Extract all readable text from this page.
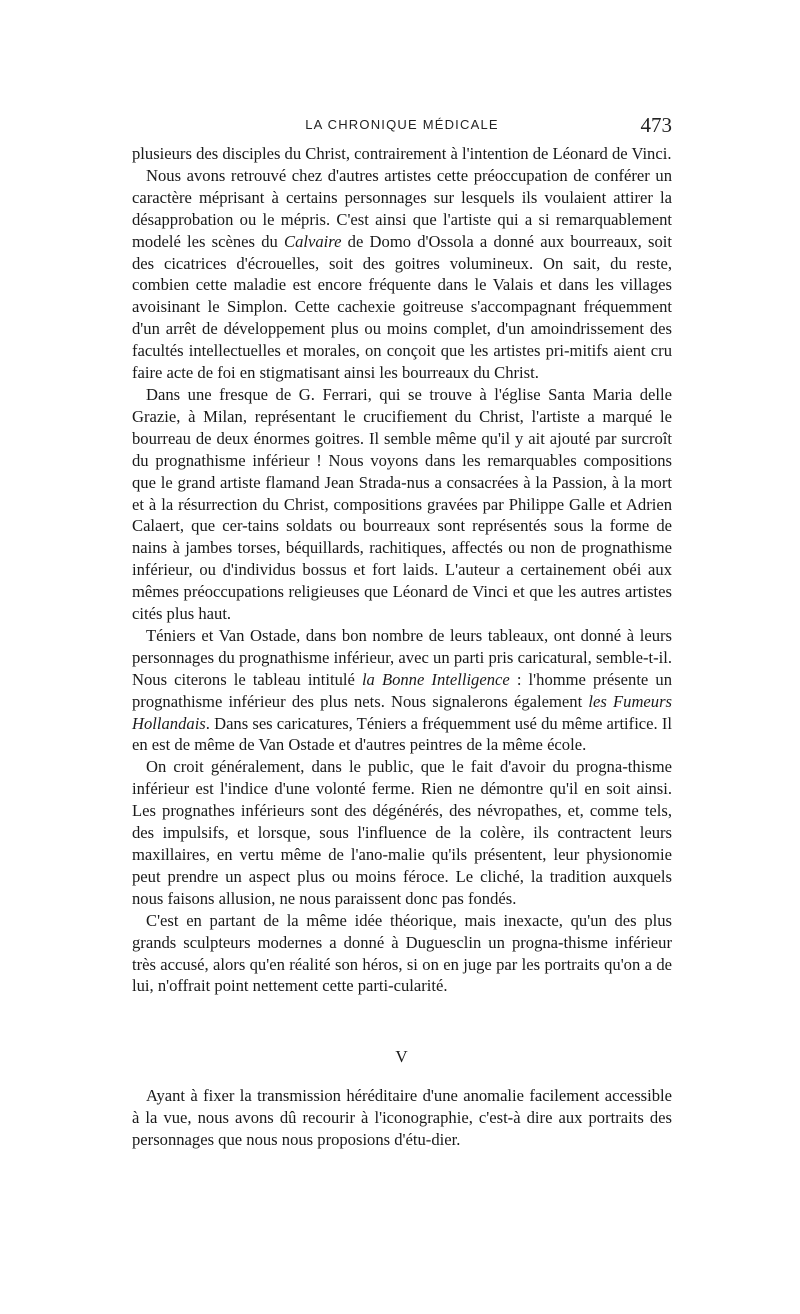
LA CHRONIQUE MÉDICALE	473

plusieurs des disciples du Christ, contrairement à l'intention de Léonard de Vinci.

Nous avons retrouvé chez d'autres artistes cette préoccupation de conférer un caractère méprisant à certains personnages sur lesquels ils voulaient attirer la désapprobation ou le mépris. C'est ainsi que l'artiste qui a si remarquablement modelé les scènes du Calvaire de Domo d'Ossola a donné aux bourreaux, soit des cicatrices d'écrouelles, soit des goitres volumineux. On sait, du reste, combien cette maladie est encore fréquente dans le Valais et dans les villages avoisinant le Simplon. Cette cachexie goitreuse s'accompagnant fréquemment d'un arrêt de développement plus ou moins complet, d'un amoindrissement des facultés intellectuelles et morales, on conçoit que les artistes pri-mitifs aient cru faire acte de foi en stigmatisant ainsi les bourreaux du Christ.

Dans une fresque de G. Ferrari, qui se trouve à l'église Santa Maria delle Grazie, à Milan, représentant le crucifiement du Christ, l'artiste a marqué le bourreau de deux énormes goitres. Il semble même qu'il y ait ajouté par surcroît du prognathisme inférieur ! Nous voyons dans les remarquables compositions que le grand artiste flamand Jean Strada-nus a consacrées à la Passion, à la mort et à la résurrection du Christ, compositions gravées par Philippe Galle et Adrien Calaert, que cer-tains soldats ou bourreaux sont représentés sous la forme de nains à jambes torses, béquillards, rachitiques, affectés ou non de prognathisme inférieur, ou d'individus bossus et fort laids. L'auteur a certainement obéi aux mêmes préoccupations religieuses que Léonard de Vinci et que les autres artistes cités plus haut.

Téniers et Van Ostade, dans bon nombre de leurs tableaux, ont donné à leurs personnages du prognathisme inférieur, avec un parti pris caricatural, semble-t-il. Nous citerons le tableau intitulé la Bonne Intelligence : l'homme présente un prognathisme inférieur des plus nets. Nous signalerons également les Fumeurs Hollandais. Dans ses caricatures, Téniers a fréquemment usé du même artifice. Il en est de même de Van Ostade et d'autres peintres de la même école.

On croit généralement, dans le public, que le fait d'avoir du progna-thisme inférieur est l'indice d'une volonté ferme. Rien ne démontre qu'il en soit ainsi. Les prognathes inférieurs sont des dégénérés, des névropathes, et, comme tels, des impulsifs, et lorsque, sous l'influence de la colère, ils contractent leurs maxillaires, en vertu même de l'ano-malie qu'ils présentent, leur physionomie peut prendre un aspect plus ou moins féroce. Le cliché, la tradition auxquels nous faisons allusion, ne nous paraissent donc pas fondés.

C'est en partant de la même idée théorique, mais inexacte, qu'un des plus grands sculpteurs modernes a donné à Duguesclin un progna-thisme inférieur très accusé, alors qu'en réalité son héros, si on en juge par les portraits qu'on a de lui, n'offrait point nettement cette parti-cularité.

V

Ayant à fixer la transmission héréditaire d'une anomalie facilement accessible à la vue, nous avons dû recourir à l'iconographie, c'est-à dire aux portraits des personnages que nous nous proposions d'étu-dier.
